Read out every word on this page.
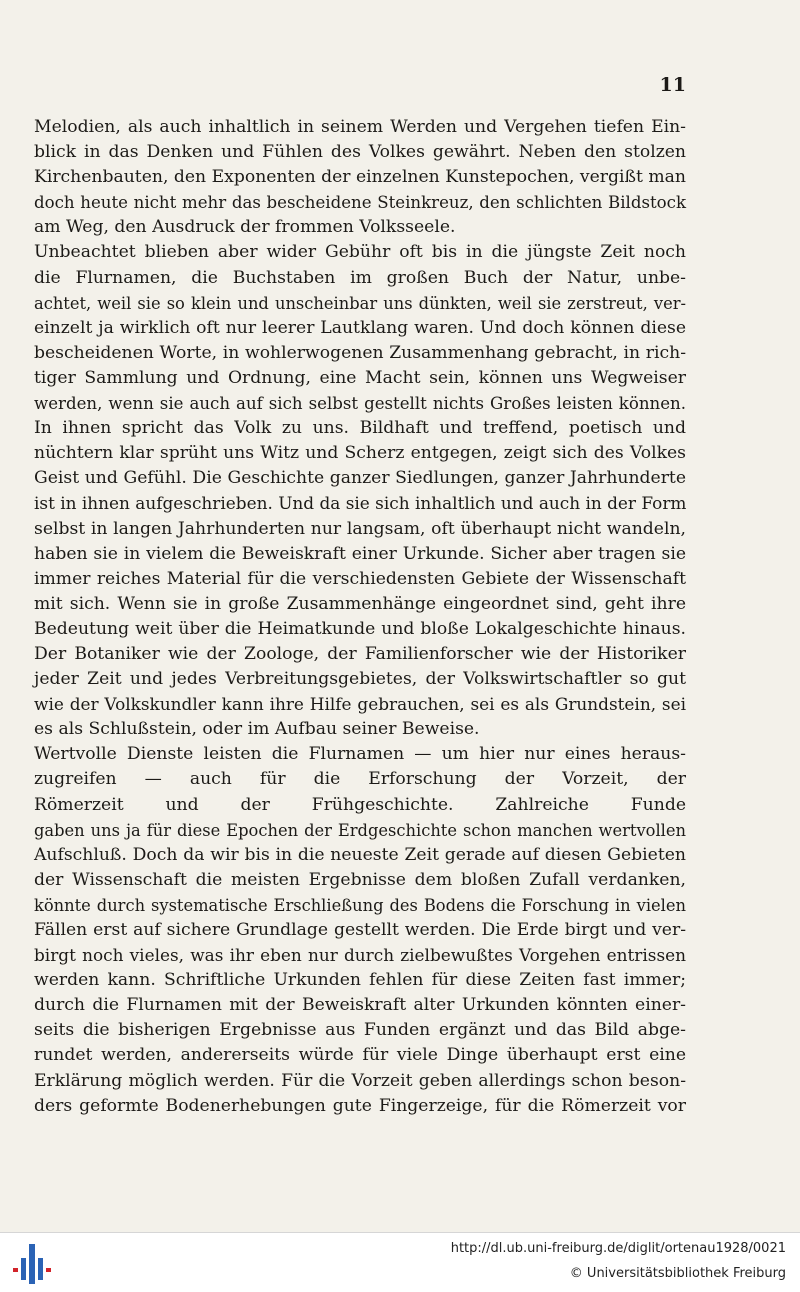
11
Melodien, als auch inhaltlich in seinem Werden und Vergehen tiefen Ein-
blick in das Denken und Fühlen des Volkes gewährt. Neben den stolzen
Kirchenbauten, den Exponenten der einzelnen Kunstepochen, vergißt man
doch heute nicht mehr das bescheidene Steinkreuz, den schlichten Bildstock
am Weg, den Ausdruck der frommen Volksseele.
Unbeachtet blieben aber wider Gebühr oft bis in die jüngste Zeit noch
die Flurnamen, die Buchstaben im großen Buch der Natur, unbe-
achtet, weil sie so klein und unscheinbar uns dünkten, weil sie zerstreut, ver-
einzelt ja wirklich oft nur leerer Lautklang waren. Und doch können diese
bescheidenen Worte, in wohlerwogenen Zusammenhang gebracht, in rich-
tiger Sammlung und Ordnung, eine Macht sein, können uns Wegweiser
werden, wenn sie auch auf sich selbst gestellt nichts Großes leisten können.
In ihnen spricht das Volk zu uns. Bildhaft und treffend, poetisch und
nüchtern klar sprüht uns Witz und Scherz entgegen, zeigt sich des Volkes
Geist und Gefühl. Die Geschichte ganzer Siedlungen, ganzer Jahrhunderte
ist in ihnen aufgeschrieben. Und da sie sich inhaltlich und auch in der Form
selbst in langen Jahrhunderten nur langsam, oft überhaupt nicht wandeln,
haben sie in vielem die Beweiskraft einer Urkunde. Sicher aber tragen sie
immer reiches Material für die verschiedensten Gebiete der Wissenschaft
mit sich. Wenn sie in große Zusammenhänge eingeordnet sind, geht ihre
Bedeutung weit über die Heimatkunde und bloße Lokalgeschichte hinaus.
Der Botaniker wie der Zoologe, der Familienforscher wie der Historiker
jeder Zeit und jedes Verbreitungsgebietes, der Volkswirtschaftler so gut
wie der Volkskundler kann ihre Hilfe gebrauchen, sei es als Grundstein, sei
es als Schlußstein, oder im Aufbau seiner Beweise.
Wertvolle Dienste leisten die Flurnamen — um hier nur eines heraus-
zugreifen — auch für die Erforschung der Vorzeit, der
Römerzeit und der Frühgeschichte. Zahlreiche Funde
gaben uns ja für diese Epochen der Erdgeschichte schon manchen wertvollen
Aufschluß. Doch da wir bis in die neueste Zeit gerade auf diesen Gebieten
der Wissenschaft die meisten Ergebnisse dem bloßen Zufall verdanken,
könnte durch systematische Erschließung des Bodens die Forschung in vielen
Fällen erst auf sichere Grundlage gestellt werden. Die Erde birgt und ver-
birgt noch vieles, was ihr eben nur durch zielbewußtes Vorgehen entrissen
werden kann. Schriftliche Urkunden fehlen für diese Zeiten fast immer;
durch die Flurnamen mit der Beweiskraft alter Urkunden könnten einer-
seits die bisherigen Ergebnisse aus Funden ergänzt und das Bild abge-
rundet werden, andererseits würde für viele Dinge überhaupt erst eine
Erklärung möglich werden. Für die Vorzeit geben allerdings schon beson-
ders geformte Bodenerhebungen gute Fingerzeige, für die Römerzeit vor
http://dl.ub.uni-freiburg.de/diglit/ortenau1928/0021
© Universitätsbibliothek Freiburg
